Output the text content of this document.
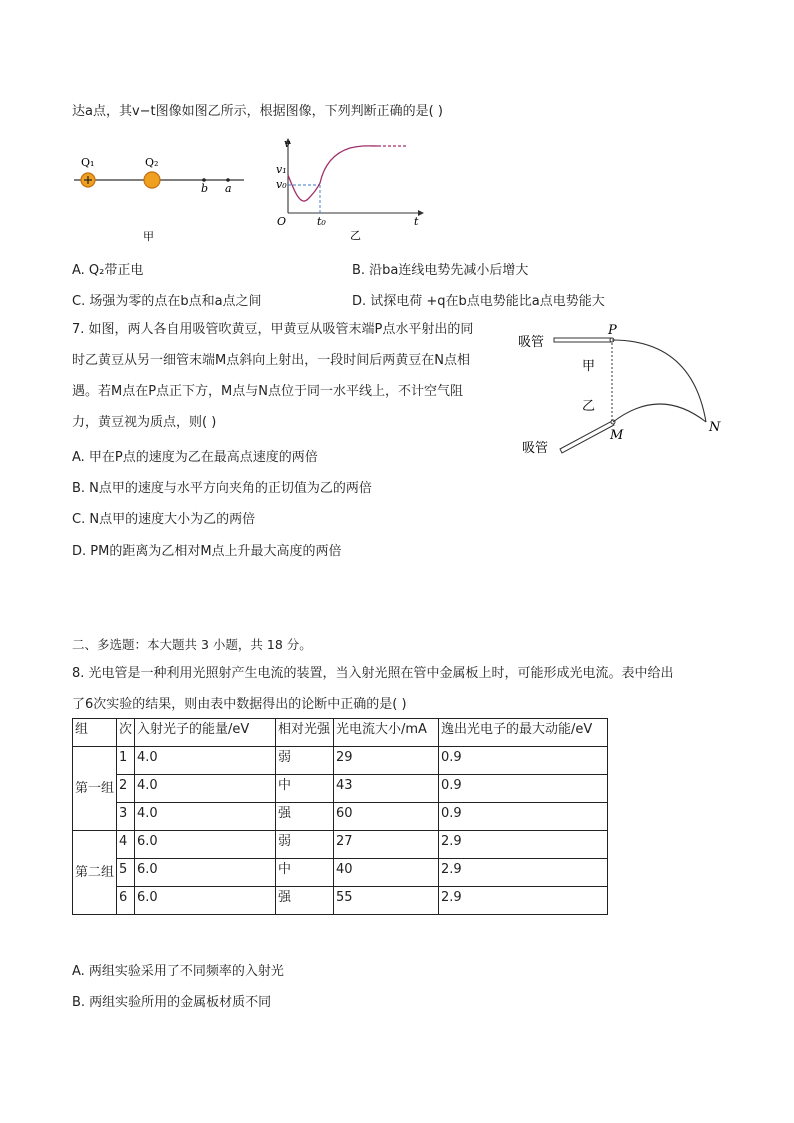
达a点，其v−t图像如图乙所示，根据图像，下列判断正确的是( )
Q₁	Q₂
b a
甲
v
v₁
v₀
O	t₀	t
乙
A. Q₂带正电	B. 沿ba连线电势先减小后增大
C. 场强为零的点在b点和a点之间	D. 试探电荷 +q在b点电势能比a点电势能大
7. 如图，两人各自用吸管吹黄豆，甲黄豆从吸管末端P点水平射出的同
时乙黄豆从另一细管末端M点斜向上射出，一段时间后两黄豆在N点相
遇。若M点在P点正下方，M点与N点位于同一水平线上，不计空气阻
力，黄豆视为质点，则( )
A. 甲在P点的速度为乙在最高点速度的两倍
B. N点甲的速度与水平方向夹角的正切值为乙的两倍
C. N点甲的速度大小为乙的两倍
D. PM的距离为乙相对M点上升最大高度的两倍
吸管
吸管
甲
乙
P
M
N
二、多选题：本大题共 3 小题，共 18 分。
8. 光电管是一种利用光照射产生电流的装置，当入射光照在管中金属板上时，可能形成光电流。表中给出
了6次实验的结果，则由表中数据得出的论断中正确的是( )
组	次	入射光子的能量/eV	相对光强	光电流大小/mA	逸出光电子的最大动能/eV
第一组	1	4.0	弱	29	0.9
	2	4.0	中	43	0.9
	3	4.0	强	60	0.9
第二组	4	6.0	弱	27	2.9
	5	6.0	中	40	2.9
	6	6.0	强	55	2.9
A. 两组实验采用了不同频率的入射光
B. 两组实验所用的金属板材质不同
